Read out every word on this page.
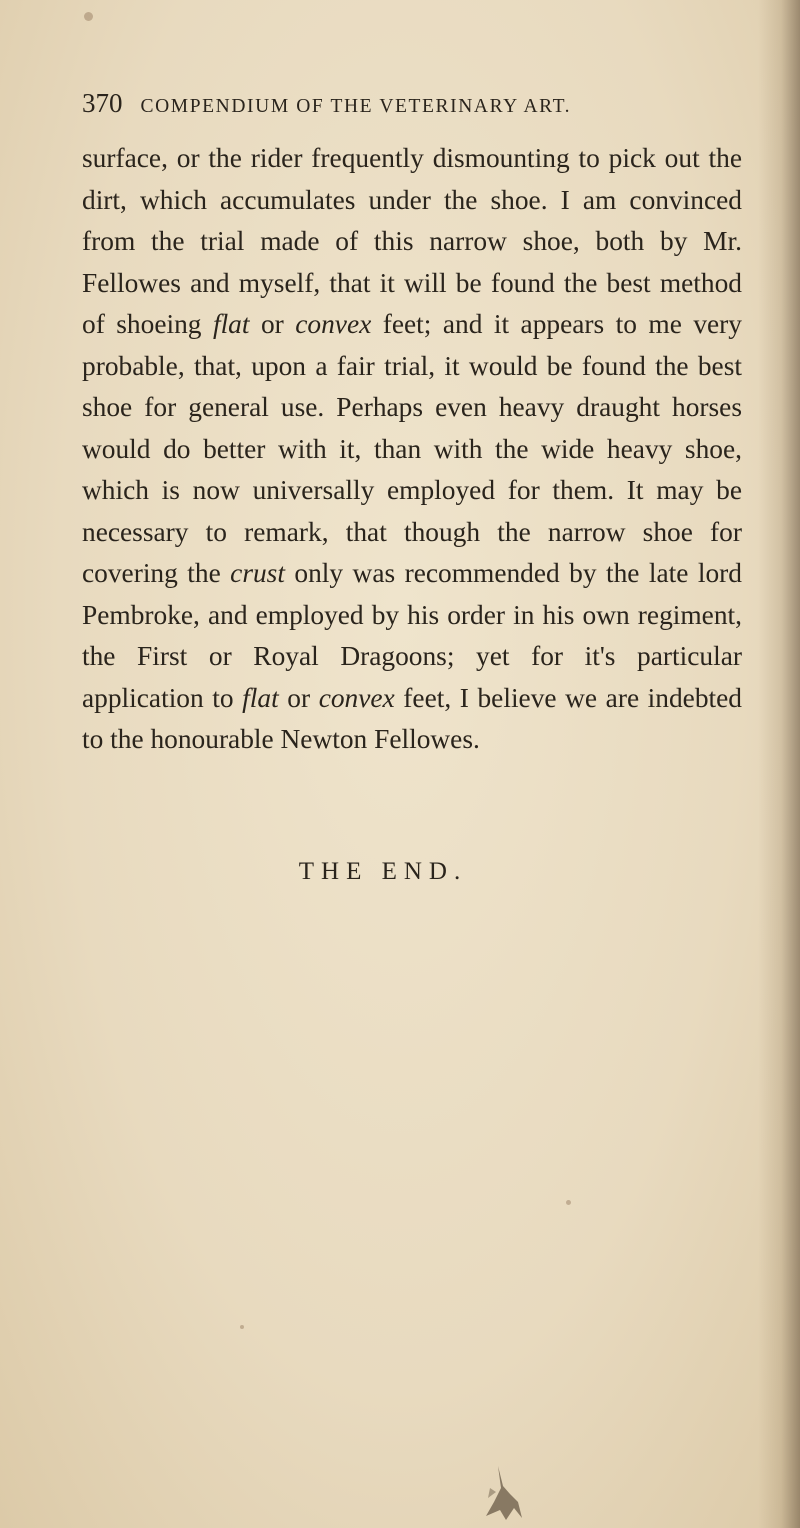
370 COMPENDIUM OF THE VETERINARY ART.

surface, or the rider frequently dismounting to pick out the dirt, which accumulates under the shoe. I am convinced from the trial made of this narrow shoe, both by Mr. Fellowes and myself, that it will be found the best method of shoeing flat or convex feet; and it appears to me very probable, that, upon a fair trial, it would be found the best shoe for general use. Perhaps even heavy draught horses would do better with it, than with the wide heavy shoe, which is now universally employed for them. It may be necessary to remark, that though the narrow shoe for covering the crust only was recommended by the late lord Pembroke, and employed by his order in his own regiment, the First or Royal Dragoons; yet for it's particular application to flat or convex feet, I believe we are indebted to the honourable Newton Fellowes.

THE END.
